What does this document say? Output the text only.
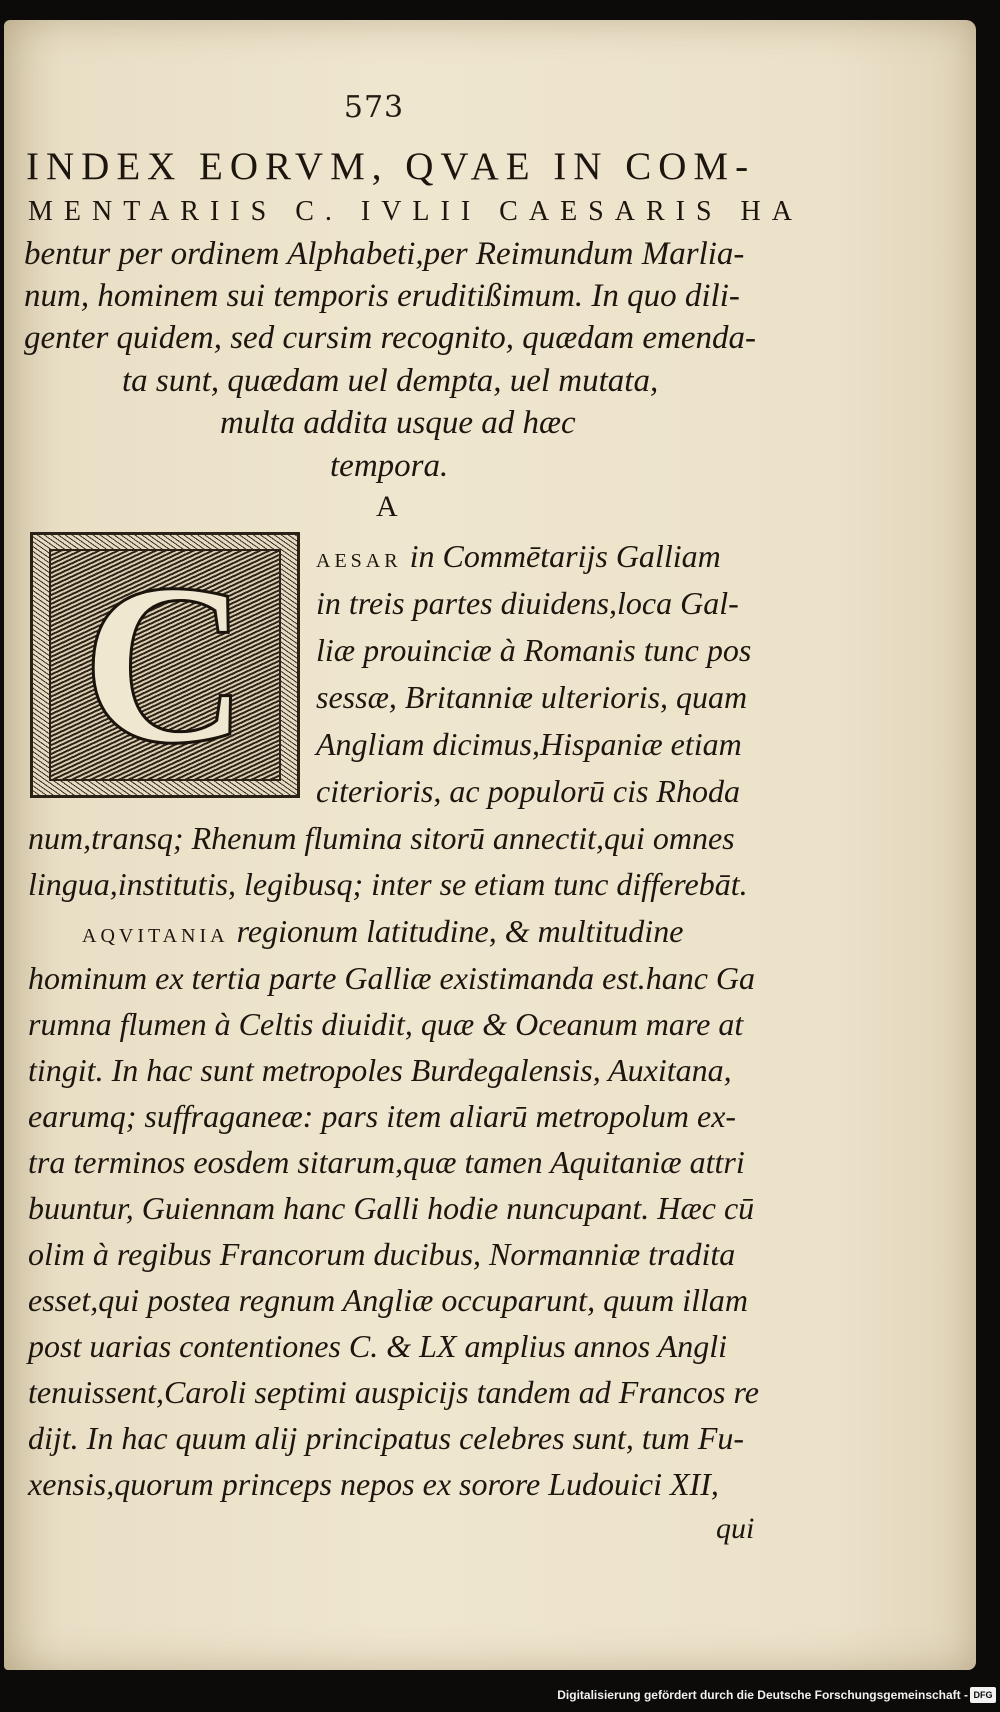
573
INDEX EORVM, QVAE IN COM-
MENTARIIS C. IVLII CAESARIS HA
bentur per ordinem Alphabeti,per Reimundum Marlia-
num, hominem sui temporis eruditißimum. In quo dili-
genter quidem, sed cursim recognito, quædam emenda-
ta sunt, quædam uel dempta, uel mutata,
multa addita usque ad hæc
tempora.
A
C	AESAR in Commētarijs Galliam
in treis partes diuidens,loca Gal-
liæ prouinciæ à Romanis tunc pos
sessæ, Britanniæ ulterioris, quam
Angliam dicimus,Hispaniæ etiam
citerioris, ac populorū cis Rhoda
num,transq; Rhenum flumina sitorū annectit,qui omnes
lingua,institutis, legibusq; inter se etiam tunc differebāt.
AQVITANIA regionum latitudine, & multitudine
hominum ex tertia parte Galliæ existimanda est.hanc Ga
rumna flumen à Celtis diuidit, quæ & Oceanum mare at
tingit. In hac sunt metropoles Burdegalensis, Auxitana,
earumq; suffraganeæ: pars item aliarū metropolum ex-
tra terminos eosdem sitarum,quæ tamen Aquitaniæ attri
buuntur, Guiennam hanc Galli hodie nuncupant. Hæc cū
olim à regibus Francorum ducibus, Normanniæ tradita
esset,qui postea regnum Angliæ occuparunt, quum illam
post uarias contentiones C. & LX amplius annos Angli
tenuissent,Caroli septimi auspicijs tandem ad Francos re
dijt. In hac quum alij principatus celebres sunt, tum Fu-
xensis,quorum princeps nepos ex sorore Ludouici XII,
qui
Digitalisierung gefördert durch die Deutsche Forschungsgemeinschaft - DFG
